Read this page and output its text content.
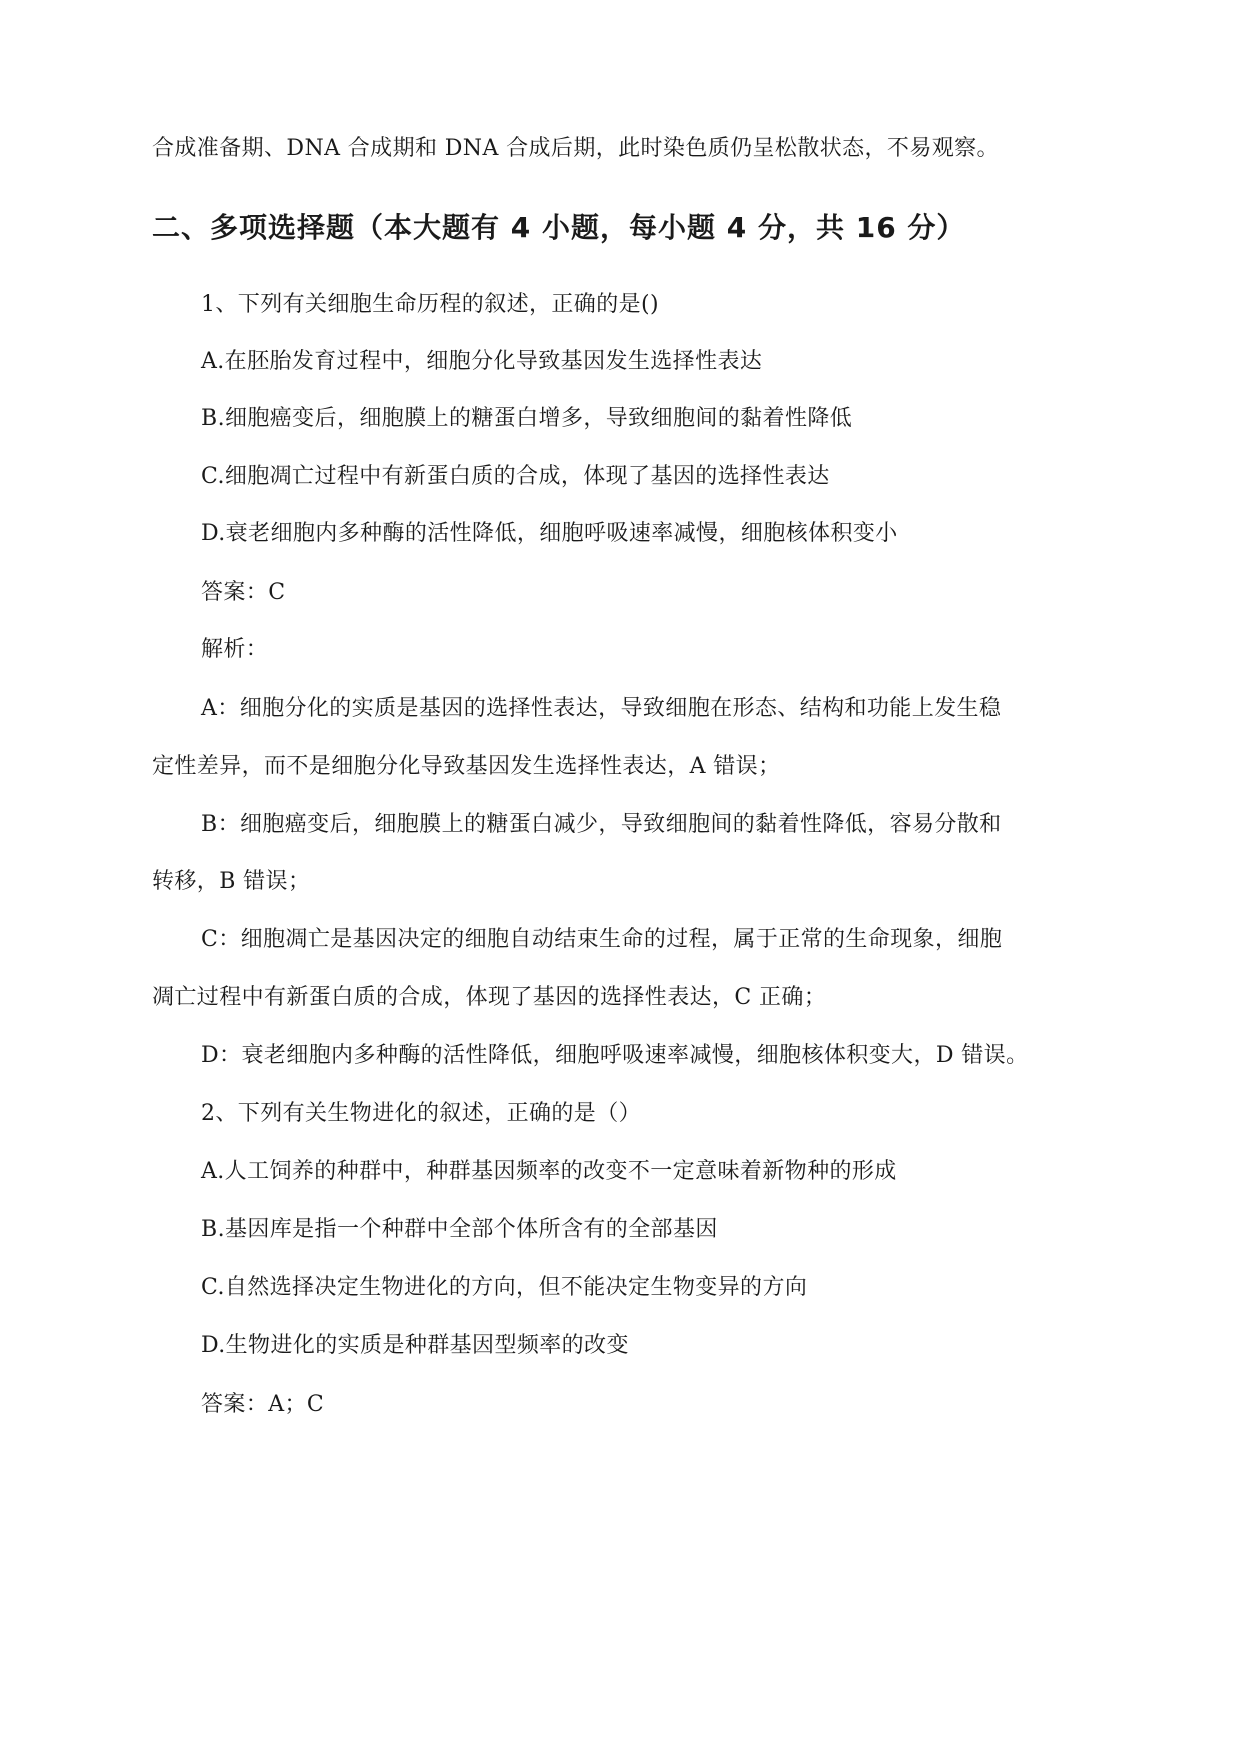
合成准备期、DNA 合成期和 DNA 合成后期，此时染色质仍呈松散状态，不易观察。
二、多项选择题（本大题有 4 小题，每小题 4 分，共 16 分）
1、下列有关细胞生命历程的叙述，正确的是()
A.在胚胎发育过程中，细胞分化导致基因发生选择性表达
B.细胞癌变后，细胞膜上的糖蛋白增多，导致细胞间的黏着性降低
C.细胞凋亡过程中有新蛋白质的合成，体现了基因的选择性表达
D.衰老细胞内多种酶的活性降低，细胞呼吸速率减慢，细胞核体积变小
答案：C
解析：
A：细胞分化的实质是基因的选择性表达，导致细胞在形态、结构和功能上发生稳
定性差异，而不是细胞分化导致基因发生选择性表达，A 错误；
B：细胞癌变后，细胞膜上的糖蛋白减少，导致细胞间的黏着性降低，容易分散和
转移，B 错误；
C：细胞凋亡是基因决定的细胞自动结束生命的过程，属于正常的生命现象，细胞
凋亡过程中有新蛋白质的合成，体现了基因的选择性表达，C 正确；
D：衰老细胞内多种酶的活性降低，细胞呼吸速率减慢，细胞核体积变大，D 错误。
2、下列有关生物进化的叙述，正确的是（）
A.人工饲养的种群中，种群基因频率的改变不一定意味着新物种的形成
B.基因库是指一个种群中全部个体所含有的全部基因
C.自然选择决定生物进化的方向，但不能决定生物变异的方向
D.生物进化的实质是种群基因型频率的改变
答案：A；C
